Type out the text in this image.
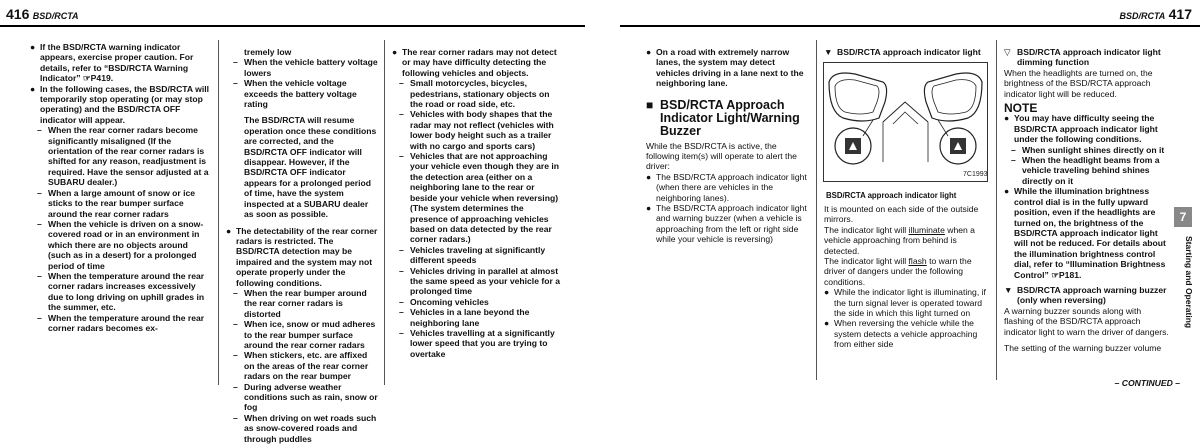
416 BSD/RCTA	BSD/RCTA 417
● If the BSD/RCTA warning indicator appears, exercise proper caution. For details, refer to “BSD/RCTA Warning Indicator” ☞P419.
● In the following cases, the BSD/RCTA will temporarily stop operating (or may stop operating) and the BSD/RCTA OFF indicator will appear.
– When the rear corner radars become significantly misaligned (If the orientation of the rear corner radars is shifted for any reason, readjustment is required. Have the sensor adjusted at a SUBARU dealer.)
– When a large amount of snow or ice sticks to the rear bumper surface around the rear corner radars
– When the vehicle is driven on a snow-covered road or in an environment in which there are no objects around (such as in a desert) for a prolonged period of time
– When the temperature around the rear corner radars increases excessively due to long driving on uphill grades in the summer, etc.
– When the temperature around the rear corner radars becomes ex-

tremely low

– When the vehicle battery voltage lowers
– When the vehicle voltage exceeds the battery voltage rating

The BSD/RCTA will resume operation once these conditions are corrected, and the BSD/RCTA OFF indicator will disappear. However, if the BSD/RCTA OFF indicator appears for a prolonged period of time, have the system inspected at a SUBARU dealer as soon as possible.

● The detectability of the rear corner radars is restricted. The BSD/RCTA detection may be impaired and the system may not operate properly under the following conditions.
– When the rear bumper around the rear corner radars is distorted
– When ice, snow or mud adheres to the rear bumper surface around the rear corner radars
– When stickers, etc. are affixed on the areas of the rear corner radars on the rear bumper
– During adverse weather conditions such as rain, snow or fog
– When driving on wet roads such as snow-covered roads and through puddles
● The rear corner radars may not detect or may have difficulty detecting the following vehicles and objects.
– Small motorcycles, bicycles, pedestrians, stationary objects on the road or road side, etc.
– Vehicles with body shapes that the radar may not reflect (vehicles with lower body height such as a trailer with no cargo and sports cars)
– Vehicles that are not approaching your vehicle even though they are in the detection area (either on a neighboring lane to the rear or beside your vehicle when reversing) (The system determines the presence of approaching vehicles based on data detected by the rear corner radars.)
– Vehicles traveling at significantly different speeds
– Vehicles driving in parallel at almost the same speed as your vehicle for a prolonged time
– Oncoming vehicles
– Vehicles in a lane beyond the neighboring lane
– Vehicles travelling at a significantly lower speed that you are trying to overtake
● On a road with extremely narrow lanes, the system may detect vehicles driving in a lane next to the neighboring lane.
■ BSD/RCTA Approach Indicator Light/Warning Buzzer

While the BSD/RCTA is active, the following item(s) will operate to alert the driver:

● The BSD/RCTA approach indicator light (when there are vehicles in the neighboring lanes).
● The BSD/RCTA approach indicator light and warning buzzer (when a vehicle is approaching from the left or right side while your vehicle is reversing)
▼ BSD/RCTA approach indicator light
7C1993
BSD/RCTA approach indicator light

It is mounted on each side of the outside mirrors.

The indicator light will illuminate when a vehicle approaching from behind is detected.

The indicator light will flash to warn the driver of dangers under the following conditions.

● While the indicator light is illuminating, if the turn signal lever is operated toward the side in which this light turned on
● When reversing the vehicle while the system detects a vehicle approaching from either side
▽ BSD/RCTA approach indicator light dimming function

When the headlights are turned on, the brightness of the BSD/RCTA approach indicator light will be reduced.

NOTE
● You may have difficulty seeing the BSD/RCTA approach indicator light under the following conditions.
– When sunlight shines directly on it
– When the headlight beams from a vehicle traveling behind shines directly on it
● While the illumination brightness control dial is in the fully upward position, even if the headlights are turned on, the brightness of the BSD/RCTA approach indicator light will not be reduced. For details about the illumination brightness control dial, refer to “Illumination Brightness Control” ☞P181.
▼ BSD/RCTA approach warning buzzer (only when reversing)

A warning buzzer sounds along with flashing of the BSD/RCTA approach indicator light to warn the driver of dangers.

The setting of the warning buzzer volume

– CONTINUED –
7
Starting and Operating
